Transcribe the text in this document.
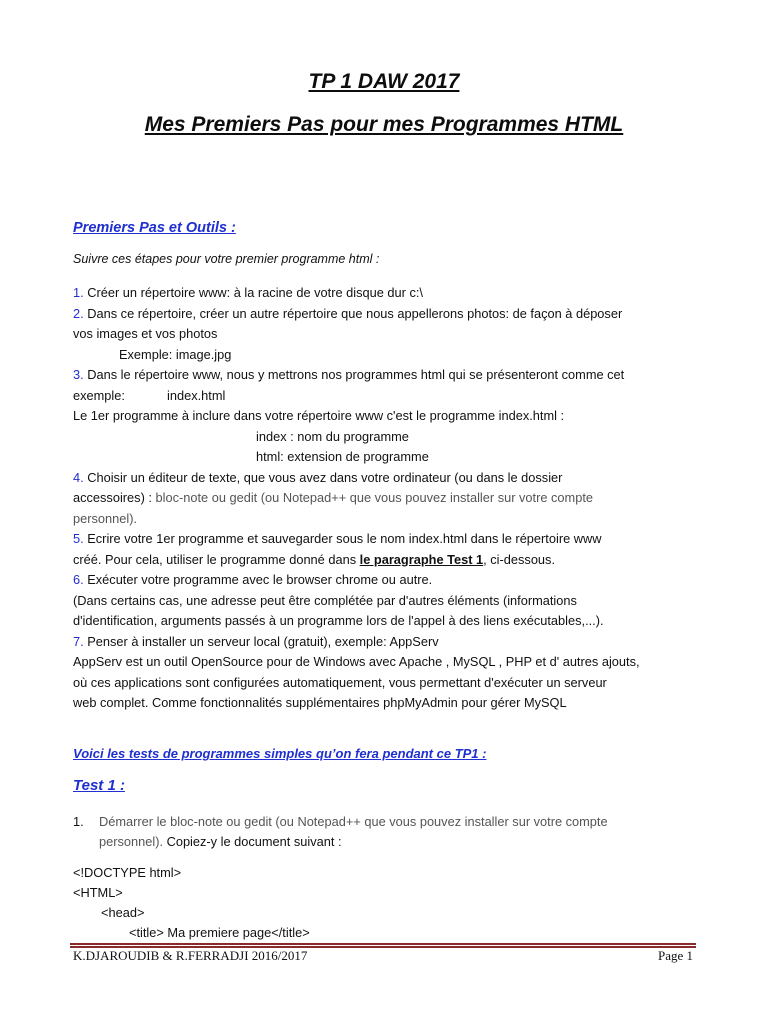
TP 1 DAW 2017
Mes Premiers Pas pour mes Programmes HTML
Premiers Pas et Outils :
Suivre ces étapes pour votre premier programme html :
1. Créer un répertoire www: à la racine de votre disque dur c:\
2. Dans ce répertoire, créer un autre répertoire que nous appellerons photos: de façon à déposer
vos images et vos photos
Exemple: image.jpg
3. Dans le répertoire www, nous y mettrons nos programmes html qui se présenteront comme cet
exemple:	index.html
Le 1er programme à inclure dans votre répertoire www c'est le programme index.html :
index : nom du programme
html: extension de programme
4. Choisir un éditeur de texte, que vous avez dans votre ordinateur (ou dans le dossier
accessoires) : bloc-note ou gedit (ou Notepad++ que vous pouvez installer sur votre compte
personnel).
5. Ecrire votre 1er programme et sauvegarder sous le nom index.html dans le répertoire www
créé. Pour cela, utiliser le programme donné dans le paragraphe Test 1, ci-dessous.
6. Exécuter votre programme avec le browser chrome ou autre.
(Dans certains cas, une adresse peut être complétée par d'autres éléments (informations
d'identification, arguments passés à un programme lors de l'appel à des liens exécutables,...).
7. Penser à installer un serveur local (gratuit), exemple: AppServ
AppServ est un outil OpenSource pour de Windows avec Apache , MySQL , PHP et d' autres ajouts,
où ces applications sont configurées automatiquement, vous permettant d'exécuter un serveur
web complet. Comme fonctionnalités supplémentaires phpMyAdmin pour gérer MySQL
Voici les tests de programmes simples qu’on fera pendant ce TP1 :
Test 1 :
1. Démarrer le bloc-note ou gedit (ou Notepad++ que vous pouvez installer sur votre compte
personnel). Copiez-y le document suivant :
<!DOCTYPE html>
<HTML>
<head>
<title> Ma premiere page</title>
K.DJAROUDIB & R.FERRADJI 2016/2017	Page 1
